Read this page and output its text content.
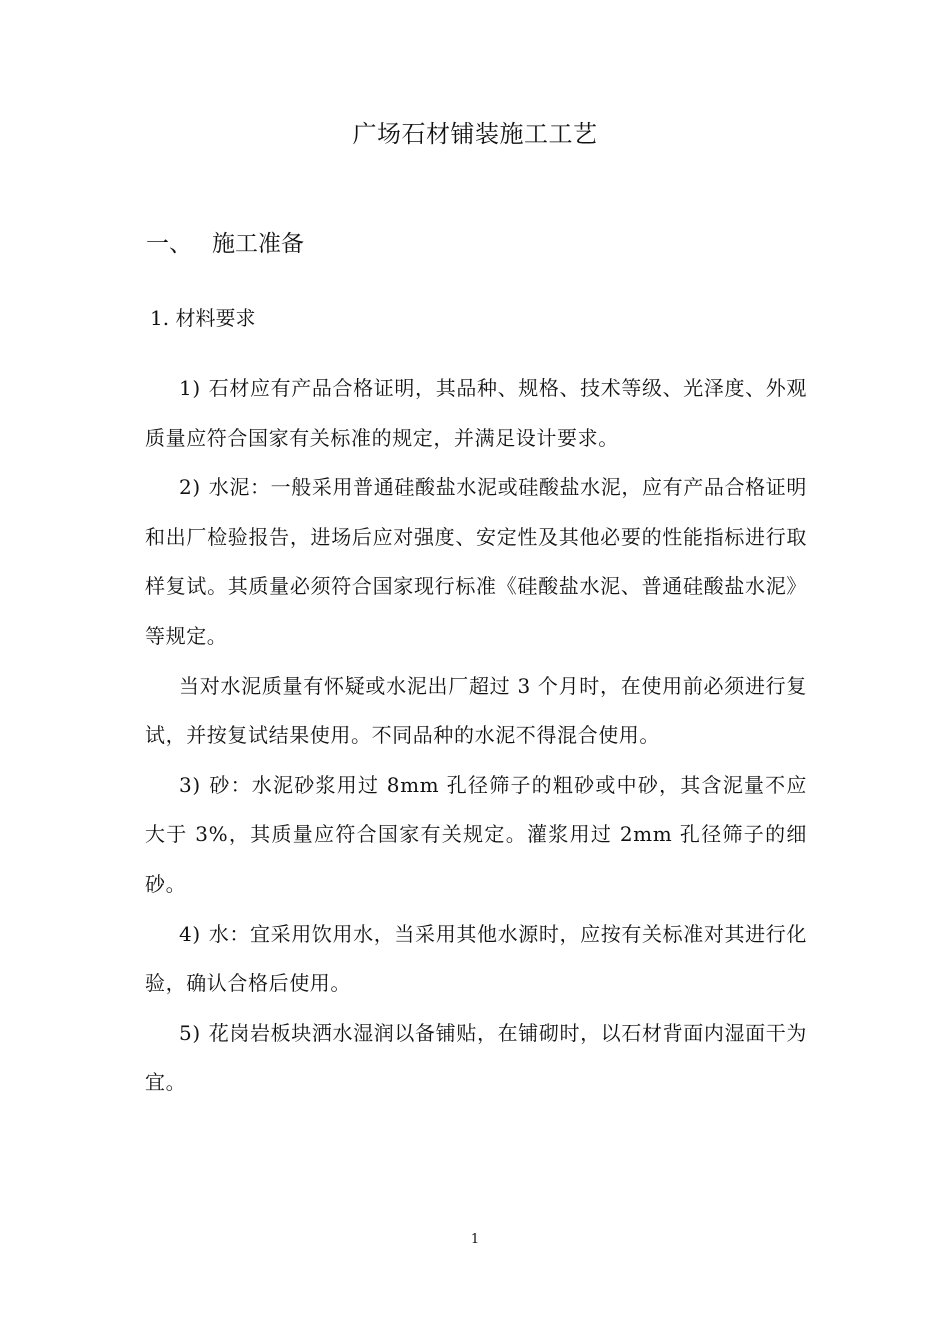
广场石材铺装施工工艺
一、 施工准备
1. 材料要求

1) 石材应有产品合格证明，其品种、规格、技术等级、光泽度、外观质量应符合国家有关标准的规定，并满足设计要求。

2) 水泥：一般采用普通硅酸盐水泥或硅酸盐水泥，应有产品合格证明和出厂检验报告，进场后应对强度、安定性及其他必要的性能指标进行取样复试。其质量必须符合国家现行标准《硅酸盐水泥、普通硅酸盐水泥》等规定。

当对水泥质量有怀疑或水泥出厂超过 3 个月时，在使用前必须进行复试，并按复试结果使用。不同品种的水泥不得混合使用。

3) 砂：水泥砂浆用过 8mm 孔径筛子的粗砂或中砂，其含泥量不应大于 3%，其质量应符合国家有关规定。灌浆用过 2mm 孔径筛子的细砂。

4) 水：宜采用饮用水，当采用其他水源时，应按有关标准对其进行化验，确认合格后使用。

5) 花岗岩板块洒水湿润以备铺贴，在铺砌时，以石材背面内湿面干为宜。

1
